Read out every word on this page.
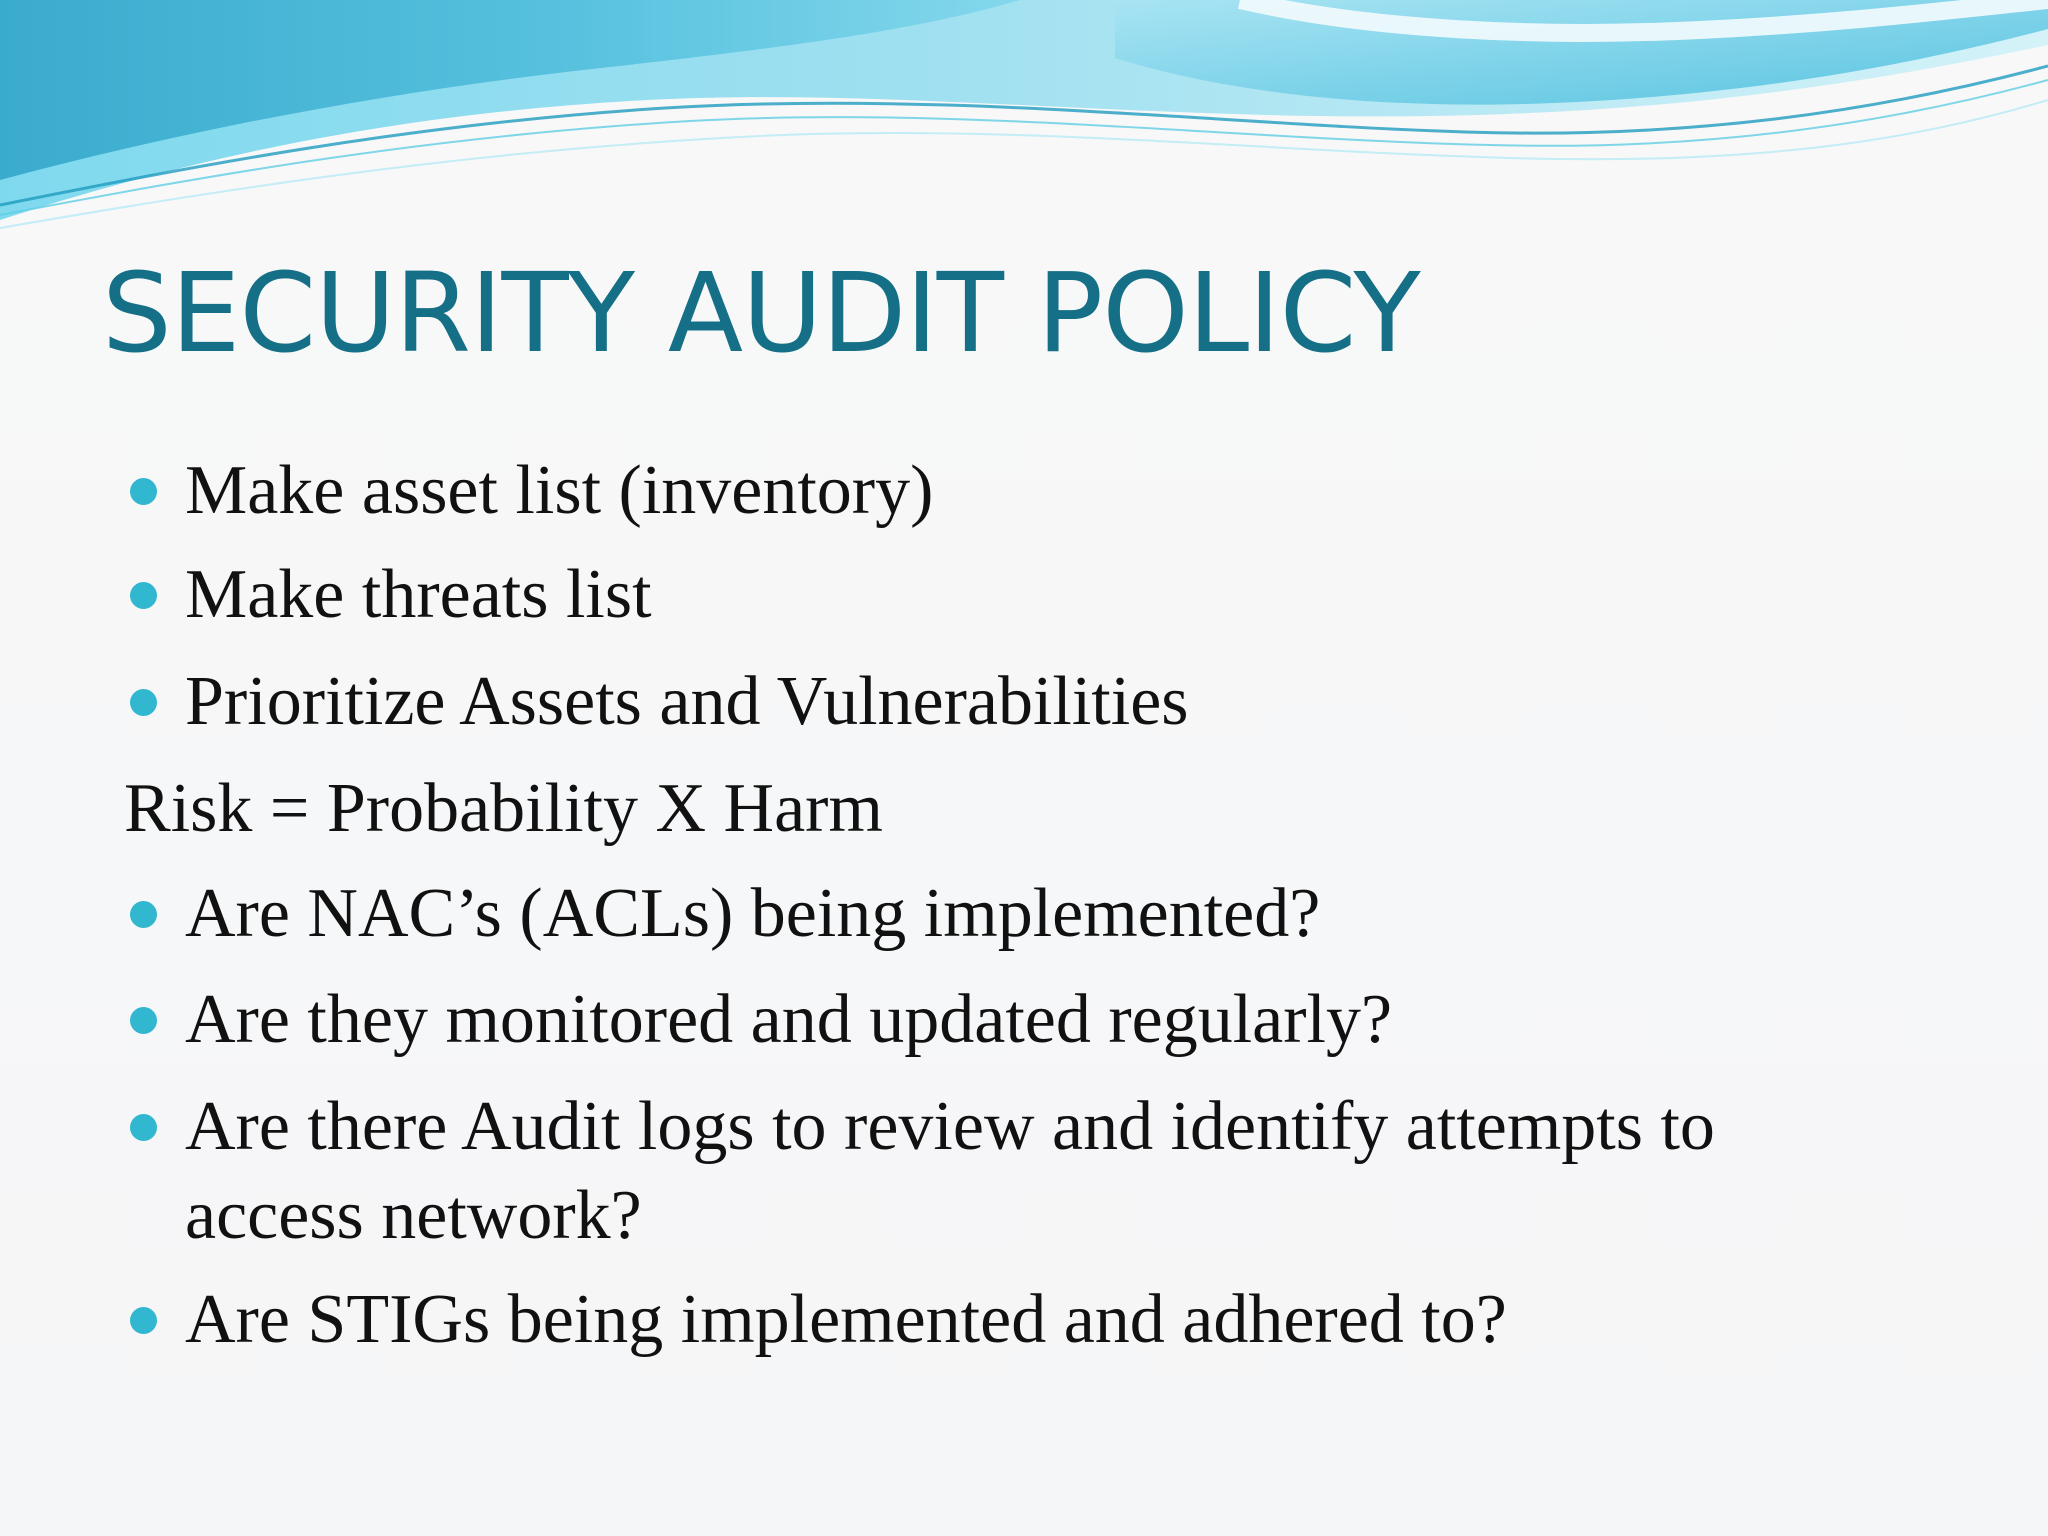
SECURITY AUDIT POLICY
Make asset list (inventory)
Make threats list
Prioritize Assets and Vulnerabilities
Risk = Probability X Harm
Are NAC’s (ACLs) being implemented?
Are they monitored and updated regularly?
Are there Audit logs to review and identify attempts to
access network?
Are STIGs being implemented and adhered to?
